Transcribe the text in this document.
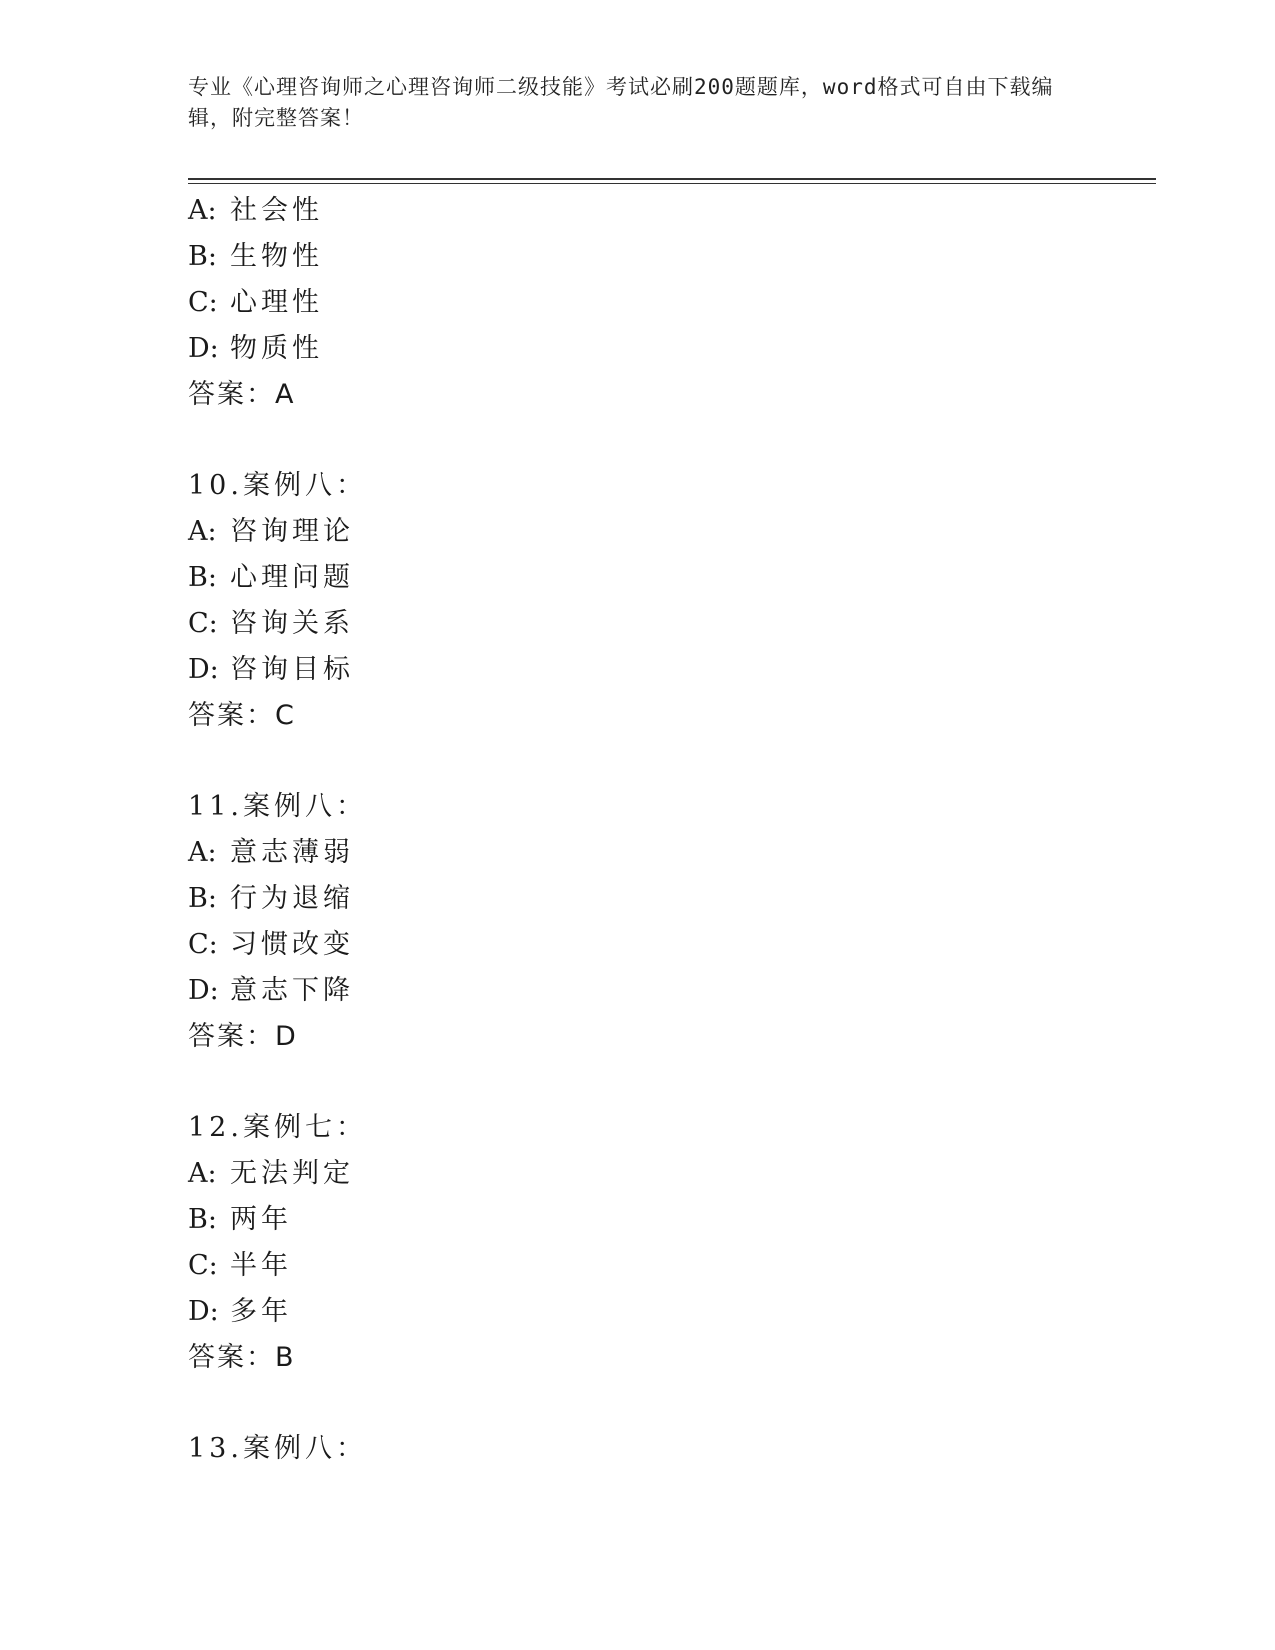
专业《心理咨询师之心理咨询师二级技能》考试必刷200题题库，word格式可自由下载编辑，附完整答案！
A: 社会性
B: 生物性
C: 心理性
D: 物质性
答案：A
10.案例八：
A: 咨询理论
B: 心理问题
C: 咨询关系
D: 咨询目标
答案：C
11.案例八：
A: 意志薄弱
B: 行为退缩
C: 习惯改变
D: 意志下降
答案：D
12.案例七：
A: 无法判定
B: 两年
C: 半年
D: 多年
答案：B
13.案例八：
